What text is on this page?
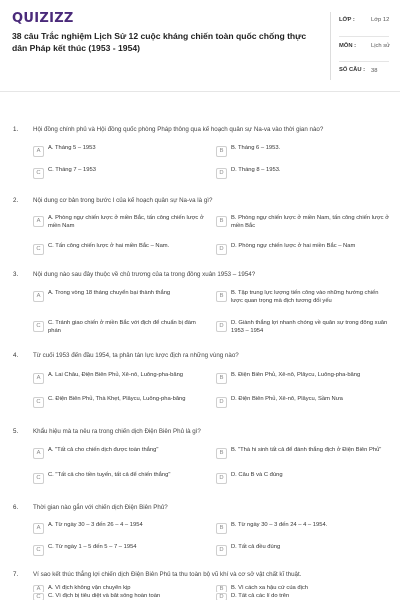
QUIZIZZ
38 câu Trắc nghiệm Lịch Sử 12 cuộc kháng chiến toàn quốc chống thực dân Pháp kết thúc (1953 - 1954)
LỚP :	Lớp 12
MÔN :	Lịch sử
SỐ CÂU : 38
1. Hội đồng chính phủ và Hội đồng quốc phòng Pháp thông qua kế hoạch quân sự Na-va vào thời gian nào?
A	A. Tháng 5 – 1953	B	B. Tháng 6 – 1953.
C	C. Tháng 7 – 1953	D	D. Tháng 8 – 1953.
2. Nội dung cơ bản trong bước I của kế hoạch quân sự Na-va là gì?
A	A. Phòng ngự chiến lược ở miền Bắc, tấn công chiến lược ở miền Nam
B	B. Phòng ngự chiến lược ở miền Nam, tấn công chiến lược ở miền Bắc
C	C. Tấn công chiến lược ở hai miền Bắc – Nam.	D	D. Phòng ngự chiến lược ở hai miền Bắc – Nam
3. Nội dung nào sau đây thuộc về chủ trương của ta trong đông xuân 1953 – 1954?
A	A. Trong vòng 18 tháng chuyển bại thành thắng	B	B. Tập trung lực lượng tiến công vào những hướng chiến lược quan trọng mà địch tương đối yếu
C	C. Tránh giao chiến ở miền Bắc với địch để chuẩn bị đàm phán
D	D. Giành thắng lợi nhanh chóng về quân sự trong đông xuân 1953 – 1954
4. Từ cuối 1953 đến đầu 1954, ta phân tán lực lược địch ra những vùng nào?
A	A. Lai Châu, Điện Biên Phủ, Xê-nô, Luông-pha-băng	B	B. Điện Biên Phủ, Xê-nô, Plâycu, Luông-pha-băng
C	C. Điện Biên Phủ, Thà Khẹt, Plâycu, Luông-pha-băng	D	D. Điện Biên Phủ, Xê-nô, Plâycu, Sầm Nưa
5. Khẩu hiệu mà ta nêu ra trong chiến dịch Điện Biên Phủ là gì?
A	A. "Tất cả cho chiến dịch được toàn thắng"	B	B. "Thà hi sinh tất cả để đánh thắng địch ở Điện Biên Phủ"
C	C. "Tất cả cho tiền tuyến, tất cả để chiến thắng"	D	D. Câu B và C đúng
6. Thời gian nào gắn với chiến dịch Điện Biên Phủ?
A	A. Từ ngày 30 – 3 đến 26 – 4 – 1954	B	B. Từ ngày 30 – 3 đến 24 – 4 – 1954.
C	C. Từ ngày 1 – 5 đến 5 – 7 – 1954	D	D. Tất cả đều đúng
7. Ví sao kết thúc thắng lợi chiến dịch Điện Biên Phủ ta thu toàn bộ vũ khí và cơ sở vật chất kĩ thuật.
A	A. Vì địch không vận chuyển kịp	B	B. Vì cách xa hậu cứ của địch
C	C. Vì địch bị tiêu diệt và bắt sống hoàn toàn	D	D. Tất cả các lí do trên
